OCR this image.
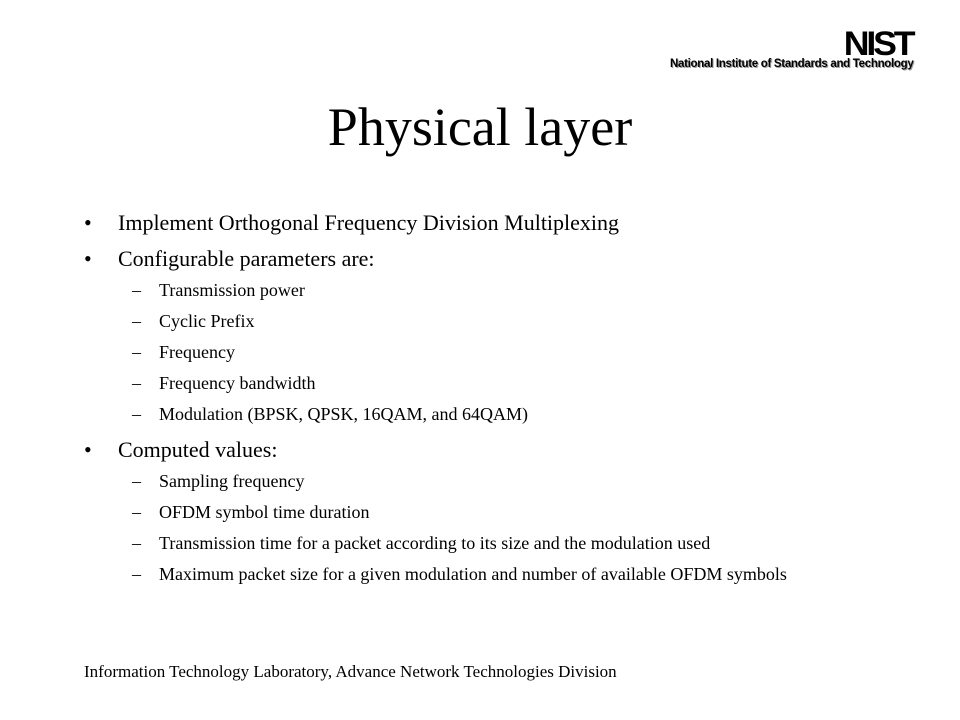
NIST
National Institute of Standards and Technology
Physical layer
•	Implement Orthogonal Frequency Division Multiplexing
•	Configurable parameters are:
–	Transmission power
–	Cyclic Prefix
–	Frequency
–	Frequency bandwidth
–	Modulation (BPSK, QPSK, 16QAM, and 64QAM)
•	Computed values:
–	Sampling frequency
–	OFDM symbol time duration
–	Transmission time for a packet according to its size and the modulation used
–	Maximum packet size for a given modulation and number of available OFDM symbols
Information Technology Laboratory, Advance Network Technologies Division
